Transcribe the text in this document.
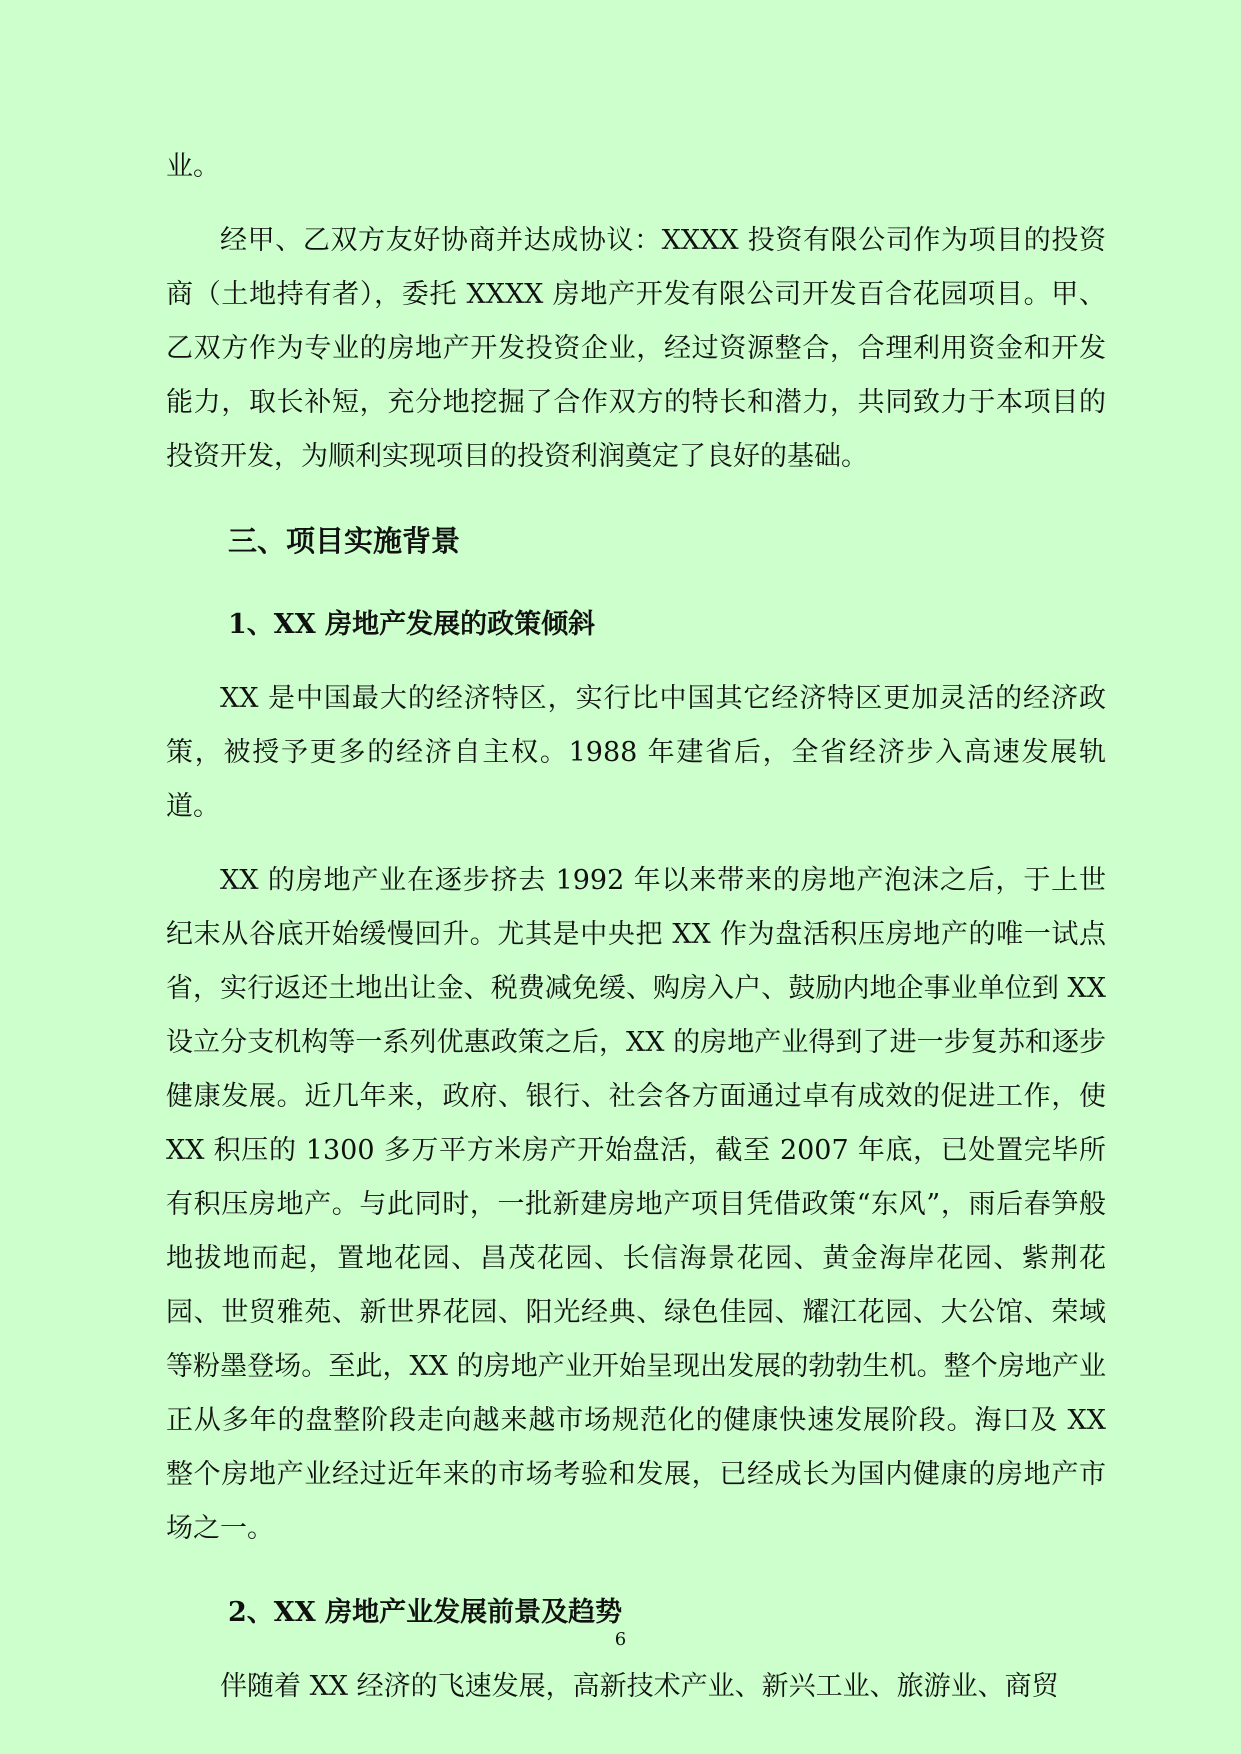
业。

经甲、乙双方友好协商并达成协议：XXXX 投资有限公司作为项目的投资商（土地持有者），委托 XXXX 房地产开发有限公司开发百合花园项目。甲、乙双方作为专业的房地产开发投资企业，经过资源整合，合理利用资金和开发能力，取长补短，充分地挖掘了合作双方的特长和潜力，共同致力于本项目的投资开发，为顺利实现项目的投资利润奠定了良好的基础。

三、项目实施背景
1、XX 房地产发展的政策倾斜

XX 是中国最大的经济特区，实行比中国其它经济特区更加灵活的经济政策，被授予更多的经济自主权。1988 年建省后，全省经济步入高速发展轨道。

XX 的房地产业在逐步挤去 1992 年以来带来的房地产泡沫之后，于上世纪末从谷底开始缓慢回升。尤其是中央把 XX 作为盘活积压房地产的唯一试点省，实行返还土地出让金、税费减免缓、购房入户、鼓励内地企事业单位到 XX 设立分支机构等一系列优惠政策之后，XX 的房地产业得到了进一步复苏和逐步健康发展。近几年来，政府、银行、社会各方面通过卓有成效的促进工作，使 XX 积压的 1300 多万平方米房产开始盘活，截至 2007 年底，已处置完毕所有积压房地产。与此同时，一批新建房地产项目凭借政策“东风”，雨后春笋般地拔地而起，置地花园、昌茂花园、长信海景花园、黄金海岸花园、紫荆花园、世贸雅苑、新世界花园、阳光经典、绿色佳园、耀江花园、大公馆、荣域等粉墨登场。至此，XX 的房地产业开始呈现出发展的勃勃生机。整个房地产业正从多年的盘整阶段走向越来越市场规范化的健康快速发展阶段。海口及 XX 整个房地产业经过近年来的市场考验和发展，已经成长为国内健康的房地产市场之一。

2、XX 房地产业发展前景及趋势

伴随着 XX 经济的飞速发展，高新技术产业、新兴工业、旅游业、商贸

6
